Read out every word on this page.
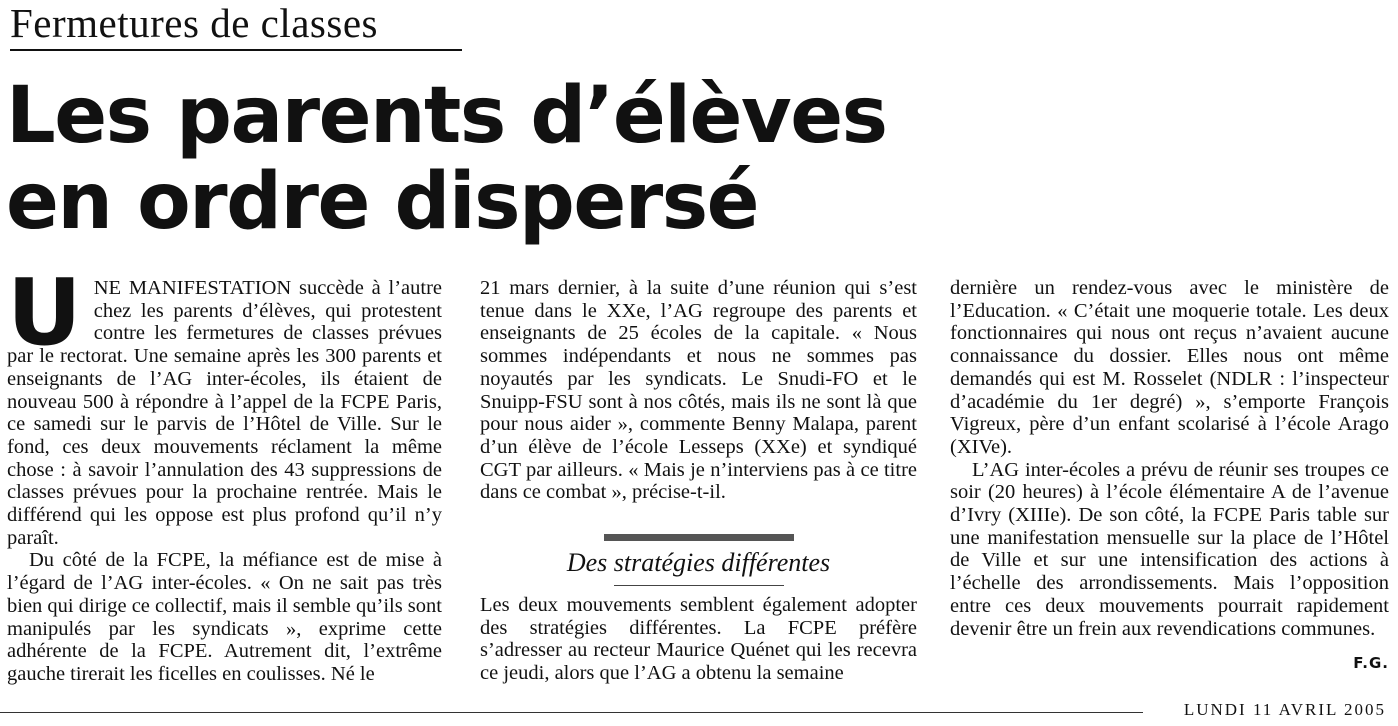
Fermetures de classes
Les parents d’élèves
en ordre dispersé

UNE MANIFESTATION succède à l’autre chez les parents d’élèves, qui protestent contre les fermetures de classes prévues par le rectorat. Une semaine après les 300 parents et enseignants de l’AG inter-écoles, ils étaient de nouveau 500 à répondre à l’appel de la FCPE Paris, ce samedi sur le parvis de l’Hôtel de Ville. Sur le fond, ces deux mouvements réclament la même chose : à savoir l’annulation des 43 suppressions de classes prévues pour la prochaine rentrée. Mais le différend qui les oppose est plus profond qu’il n’y paraît.

Du côté de la FCPE, la méfiance est de mise à l’égard de l’AG inter-écoles. « On ne sait pas très bien qui dirige ce collectif, mais il semble qu’ils sont manipulés par les syndicats », exprime cette adhérente de la FCPE. Autrement dit, l’extrême gauche tirerait les ficelles en coulisses. Né le

21 mars dernier, à la suite d’une réunion qui s’est tenue dans le XXe, l’AG regroupe des parents et enseignants de 25 écoles de la capitale. « Nous sommes indépendants et nous ne sommes pas noyautés par les syndicats. Le Snudi-FO et le Snuipp-FSU sont à nos côtés, mais ils ne sont là que pour nous aider », commente Benny Malapa, parent d’un élève de l’école Lesseps (XXe) et syndiqué CGT par ailleurs. « Mais je n’interviens pas à ce titre dans ce combat », précise-t-il.

Des stratégies différentes

Les deux mouvements semblent également adopter des stratégies différentes. La FCPE préfère s’adresser au recteur Maurice Quénet qui les recevra ce jeudi, alors que l’AG a obtenu la semaine

dernière un rendez-vous avec le ministère de l’Education. « C’était une moquerie totale. Les deux fonctionnaires qui nous ont reçus n’avaient aucune connaissance du dossier. Elles nous ont même demandés qui est M. Rosselet (NDLR : l’inspecteur d’académie du 1er degré) », s’emporte François Vigreux, père d’un enfant scolarisé à l’école Arago (XIVe).

L’AG inter-écoles a prévu de réunir ses troupes ce soir (20 heures) à l’école élémentaire A de l’avenue d’Ivry (XIIIe). De son côté, la FCPE Paris table sur une manifestation mensuelle sur la place de l’Hôtel de Ville et sur une intensification des actions à l’échelle des arrondissements. Mais l’opposition entre ces deux mouvements pourrait rapidement devenir être un frein aux revendications communes.

F.G.
LUNDI 11 AVRIL 2005
